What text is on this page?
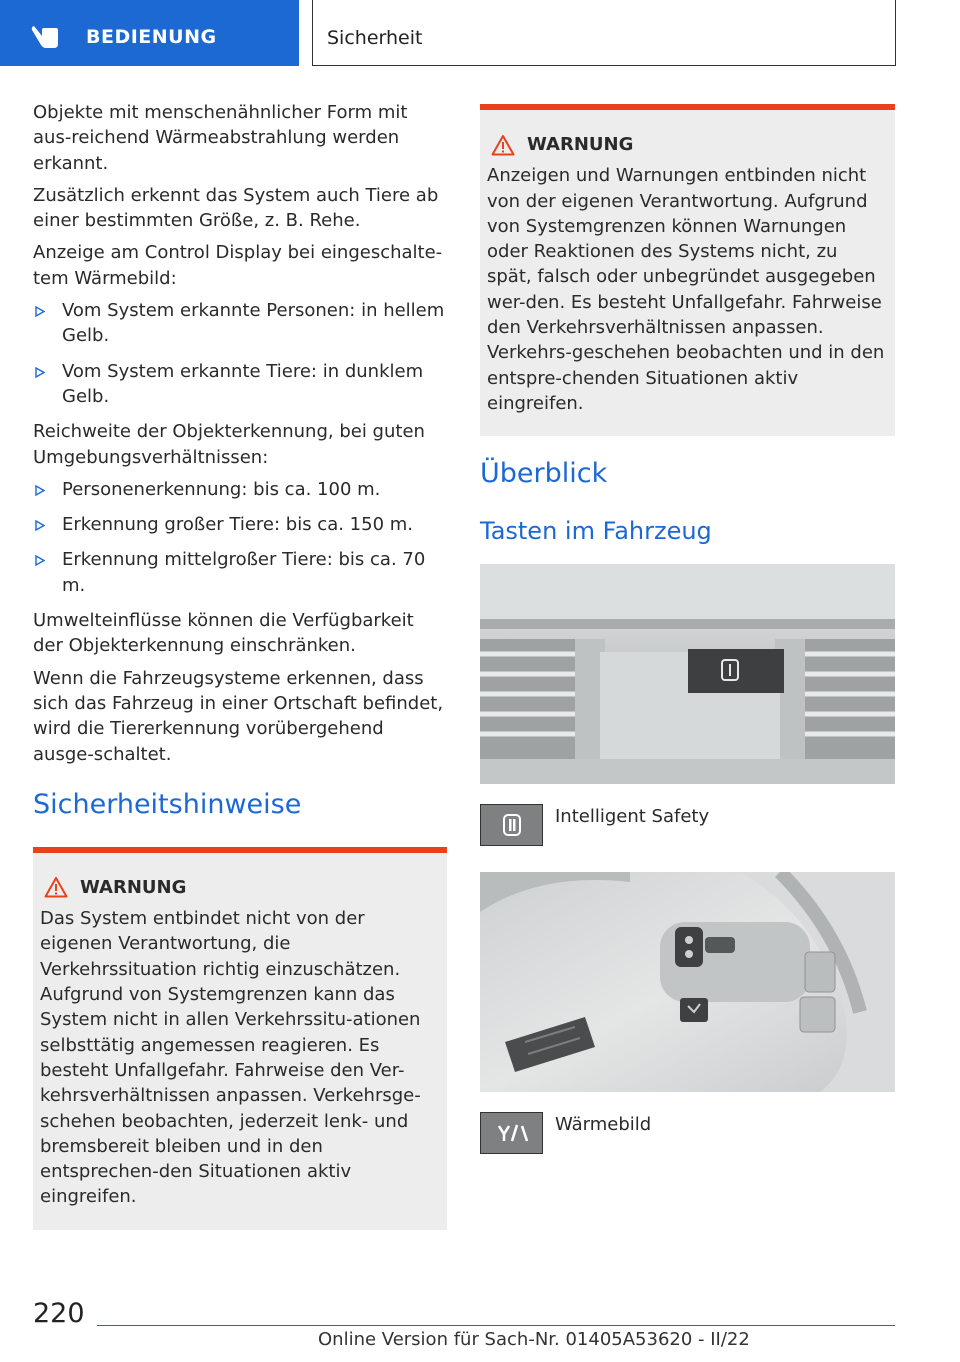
BEDIENUNG	Sicherheit

Objekte mit menschenähnlicher Form mit aus-reichend Wärmeabstrahlung werden erkannt.

Zusätzlich erkennt das System auch Tiere ab einer bestimmten Größe, z. B. Rehe.

Anzeige am Control Display bei eingeschalte-tem Wärmebild:

Vom System erkannte Personen: in hellem Gelb.
Vom System erkannte Tiere: in dunklem Gelb.

Reichweite der Objekterkennung, bei guten Umgebungsverhältnissen:

Personenerkennung: bis ca. 100 m.
Erkennung großer Tiere: bis ca. 150 m.
Erkennung mittelgroßer Tiere: bis ca. 70 m.

Umwelteinflüsse können die Verfügbarkeit der Objekterkennung einschränken.

Wenn die Fahrzeugsysteme erkennen, dass sich das Fahrzeug in einer Ortschaft befindet, wird die Tiererkennung vorübergehend ausge-schaltet.

Sicherheitshinweise
WARNUNG

Das System entbindet nicht von der eigenen Verantwortung, die Verkehrssituation richtig einzuschätzen. Aufgrund von Systemgrenzen kann das System nicht in allen Verkehrssitu-ationen selbsttätig angemessen reagieren. Es besteht Unfallgefahr. Fahrweise den Ver-kehrsverhältnissen anpassen. Verkehrsge-schehen beobachten, jederzeit lenk- und bremsbereit bleiben und in den entsprechen-den Situationen aktiv eingreifen.

WARNUNG

Anzeigen und Warnungen entbinden nicht von der eigenen Verantwortung. Aufgrund von Systemgrenzen können Warnungen oder Reaktionen des Systems nicht, zu spät, falsch oder unbegründet ausgegeben wer-den. Es besteht Unfallgefahr. Fahrweise den Verkehrsverhältnissen anpassen. Verkehrs-geschehen beobachten und in den entspre-chenden Situationen aktiv eingreifen.

Überblick
Tasten im Fahrzeug
Intelligent Safety
Wärmebild
220
Online Version für Sach-Nr. 01405A53620 - II/22
